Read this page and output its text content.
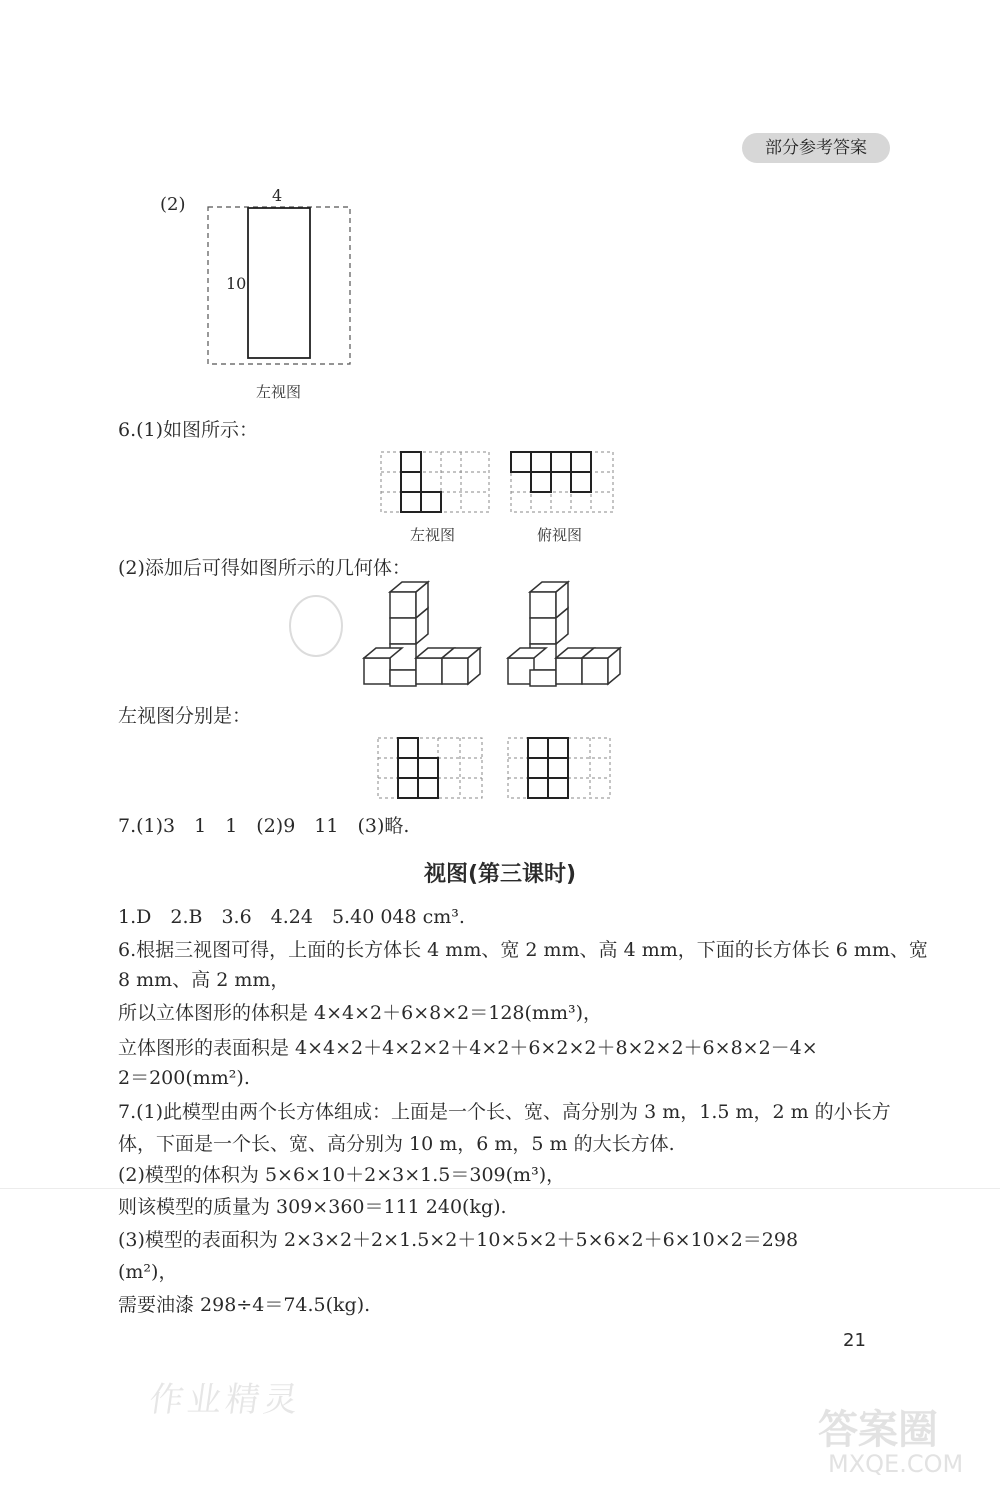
部分参考答案
(2)	4
10
左视图
6.(1)如图所示：
左视图	俯视图
(2)添加后可得如图所示的几何体：
左视图分别是：
7.(1)3　1　1　(2)9　11　(3)略.
视图(第三课时)
1.D　2.B　3.6　4.24　5.40 048 cm³.
6.根据三视图可得，上面的长方体长 4 mm、宽 2 mm、高 4 mm，下面的长方体长 6 mm、宽
8 mm、高 2 mm，
所以立体图形的体积是 4×4×2＋6×8×2＝128(mm³)，
立体图形的表面积是 4×4×2＋4×2×2＋4×2＋6×2×2＋8×2×2＋6×8×2－4×
2＝200(mm²).
7.(1)此模型由两个长方体组成：上面是一个长、宽、高分别为 3 m，1.5 m，2 m 的小长方
体，下面是一个长、宽、高分别为 10 m，6 m，5 m 的大长方体.
(2)模型的体积为 5×6×10＋2×3×1.5＝309(m³)，
则该模型的质量为 309×360＝111 240(kg).
(3)模型的表面积为 2×3×2＋2×1.5×2＋10×5×2＋5×6×2＋6×10×2＝298
(m²)，
需要油漆 298÷4＝74.5(kg).
21
作业精灵
答案圈
MXQE.COM
